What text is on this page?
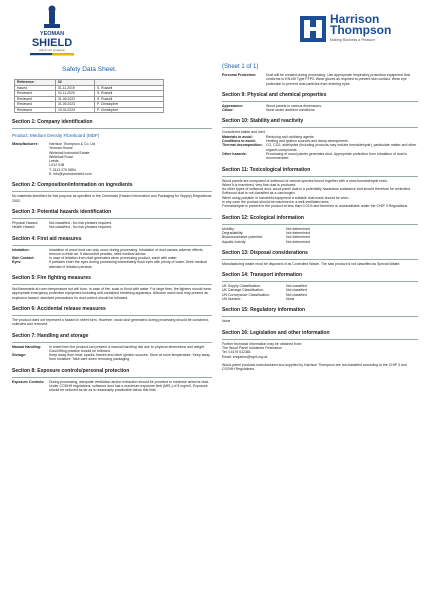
YEOMAN
SHIELD
wall & roof protection
Harrison
Thompson
Making Business a Pleasure
Safety Data Sheet.
Reference:	02	
Issued	01.11.2019	S. Russell
Reviewed	02.11.2020	S. Russell
Reviewed	31.05.2022	S. Russell
Reviewed	31.05.2023	P. Christopher
Reviewed	19.04.2024	P. Christopher
Section 1: Company identification
Product: Medium Density Fibreboard (MDF)
Manufacturer:	Harrison Thompson & Co. Ltd
Yeoman House
Whitehall Industrial Estate
Whitehall Road
Leeds
LS12 5JB
T: 0113 279 5854
E: info@yeomanshield.com
Section 2: Composition/information on ingredients
No materials identified for this purpose as specified in the Chemicals (Hazard Information and Packaging for Supply) Regulations 2002.
Section 3: Potential hazards identification
Physical Hazard:	Not classified - No risk phrases required.
Health Hazard:	Not classified - No risk phrases required.
Section 4: First aid measures
Inhalation:	Inhalation of wood dust can only occur during processing. Inhalation of dust causes adverse effects, remove to fresh air. If discomfort persists, seek medical advice.
Skin Contact:	In case of irritation from dust generated when processing product, wash with water.
Eyes:	If particles enter the eyes during processing immediately flush eyes with plenty of water. Seek medical attention if irritation persists.
Section 5: Fire fighting measures
Not flammable at room temperature but will burn. In case of fire, soak or flood with water. For large fires, fire fighters should wear appropriate emergency protective equipment including self-contained breathing apparatus. Airborne wood dust may present an explosion hazard; standard precautions for dust control should be followed.
Section 6: Accidental release measures
The product does not represent a hazard in sheet form. However, wood dust generated during processing should be contained, collected and removed.
Section 7: Handling and storage
Manual Handling:	In sheet form the product can present a manual handling risk due to physical dimensions and weight. Good lifting practice should be followed.
Storage:	Keep away from heat, sparks, flames and other ignition sources. Store at room temperature. Keep away from moisture. Take care when removing packaging.
Section 8: Exposure controls/personal protection
Exposure Controls:	During processing, adequate ventilation and/or extraction should be provided to minimise airborne dust. Under COSHH regulations, softwood dust has a maximum exposure limit (MEL) of 5 mg/m3. Exposure should be reduced as far as is reasonably practicable below this limit.
(Sheet 1 of 1)
Personal Protection:	Dust will be created during processing. Use appropriate respiratory protection equipment that conforms to EN149 Type FFP3. Wear gloves as required to prevent skin contact. Wear eye protection to prevent dust particles from entering eyes.
Section 9: Physical and chemical properties
Appearance:	Wood panels in various dimensions.
Odour:	None under ambient conditions.
Section 10: Stability and reactivity
Considered stable and inert.
Materials to avoid:	Reducing and oxidising agents.
Conditions to avoid:	Heating and ignition sources and damp atmospheres.
Thermal decomposition: CO, CO2, aldehydes (including products may include formaldehyde), particulate matter and other organic compounds.
Other hazards:	Processing of wood panels generates dust. Appropriate protection from inhalation of dust is recommended.
Section 11: Toxicological information
Wood panels are composed of softwood of various species bound together with a urea-formaldehyde resin.
When it is machined, very fine dust is produced.
As other types of softwood dust, wood-panel dust is a potentially hazardous substance and should therefore be controlled.
Softwood dust is not classified as a carcinogen.
When using portable or handheld equipment a suitable dust mask should be worn.
In any case the product should be machined in a well-ventilated area.
Formaldehyde is present in the product at less than 0.01% and therefore is unclassifiable under the CHIP 3 Regulations.
Section 12: Ecological information
Mobility:	Not determined
Degradability:	Not determined
Bioaccumulative potential:	Not determined
Aquatic toxicity:	Not determined
Section 13: Disposal considerations
Manufacturing waste must be disposed of as Controlled Waste. The saw product is not classified as Special Waste.
Section 14: Transport information
UK Supply Classification:	Not classified
UK Carriage Classification:	Not classified
UN Conveyance Classification:	Not classified
UN Number:	None
Section 15: Regulatory information
None
Section 16: Legislation and other information
Further technical information may be obtained from:
The Wood Panel Industries Federation
Tel: 01476 512381
Email: enquiries@wpif.org.uk
Wood-panel products manufactured and supplied by Harrison Thompson are not classified according to the CHIP 3 and COSHH Regulations.
